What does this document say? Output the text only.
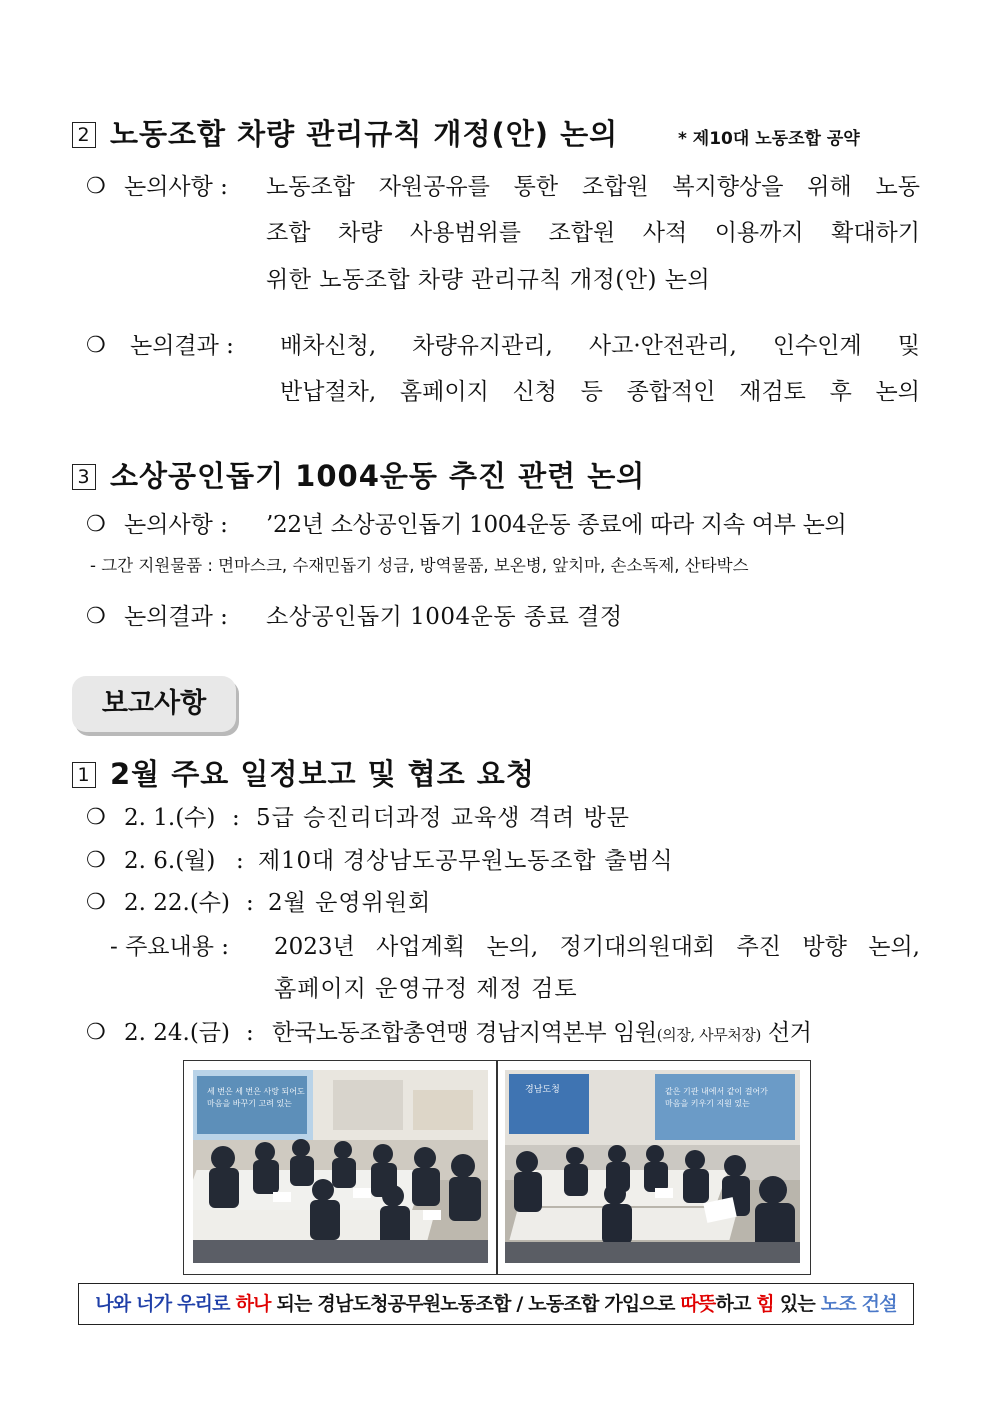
2 노동조합 차량 관리규칙 개정(안) 논의	* 제10대 노동조합 공약
❍ 논의사항 : 노동조합 자원공유를 통한 조합원 복지향상을 위해 노동
조합 차량 사용범위를 조합원 사적 이용까지 확대하기
위한 노동조합 차량 관리규칙 개정(안) 논의
❍ 논의결과 : 배차신청, 차량유지관리, 사고·안전관리, 인수인계 및
반납절차, 홈페이지 신청 등 종합적인 재검토 후 논의
3 소상공인돕기 1004운동 추진 관련 논의
❍ 논의사항 : ’22년 소상공인돕기 1004운동 종료에 따라 지속 여부 논의
- 그간 지원물품 : 면마스크, 수재민돕기 성금, 방역물품, 보온병, 앞치마, 손소독제, 산타박스
❍ 논의결과 : 소상공인돕기 1004운동 종료 결정
보고사항
1 2월 주요 일정보고 및 협조 요청
❍ 2. 1.(수) : 5급 승진리더과정 교육생 격려 방문
❍ 2. 6.(월) : 제10대 경상남도공무원노동조합 출범식
❍ 2. 22.(수) : 2월 운영위원회
- 주요내용 : 2023년 사업계획 논의, 정기대의원대회 추진 방향 논의,
홈페이지 운영규정 제정 검토
❍ 2. 24.(금) : 한국노동조합총연맹 경남지역본부 임원(의장, 사무처장) 선거
세 번은 세 번은 사랑 되어도
마음을 바꾸기 고려 있는
경남도청	같은 기관 내에서 같이 걸어가
마음을 키우기 지원 있는
나와 너가 우리로 하나 되는 경남도청공무원노동조합 / 노동조합 가입으로 따뜻하고 힘 있는 노조 건설
